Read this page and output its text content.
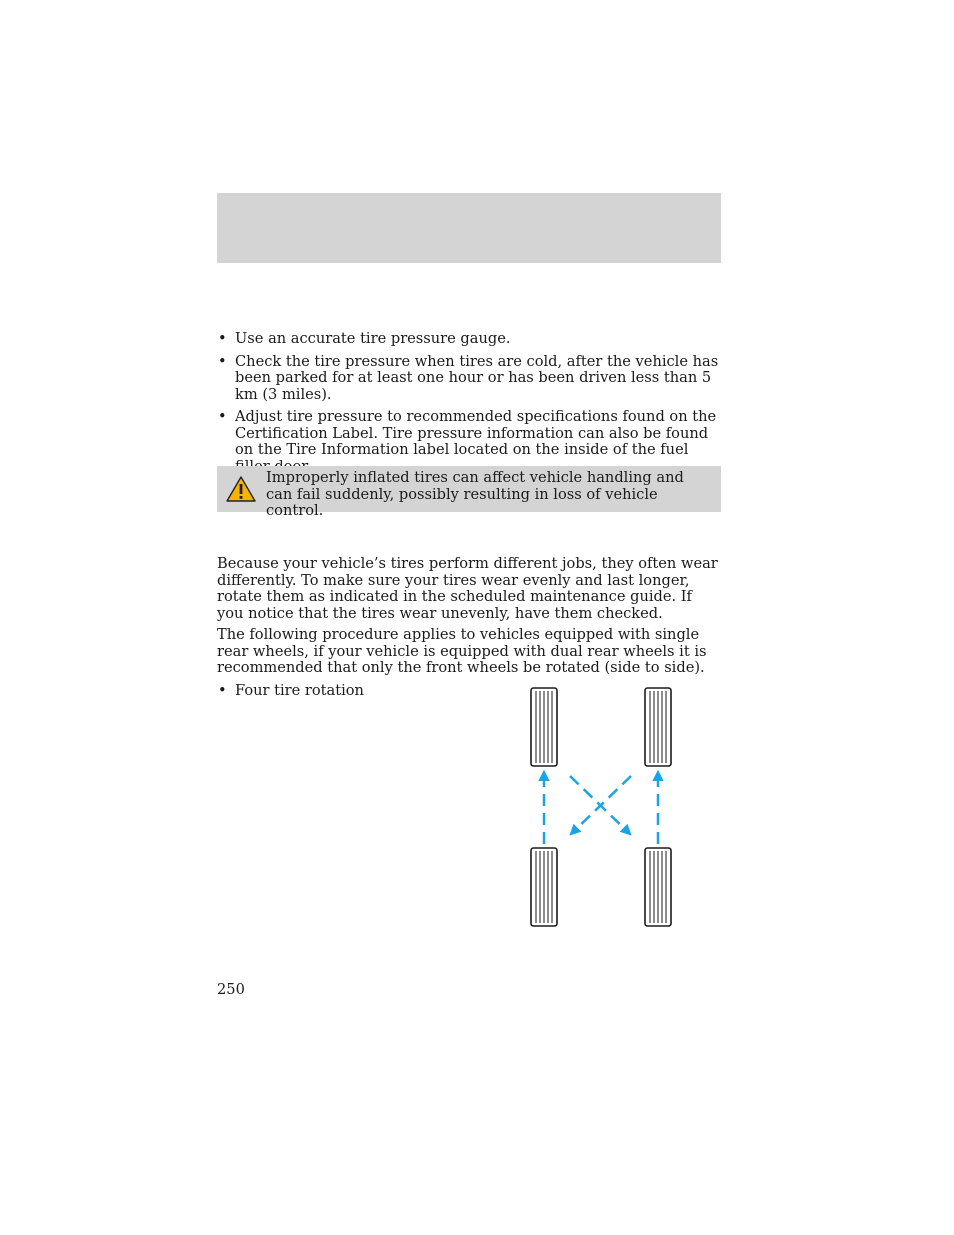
• Use an accurate tire pressure gauge.
• Check the tire pressure when tires are cold, after the vehicle has been parked for at least one hour or has been driven less than 5 km (3 miles).
• Adjust tire pressure to recommended specifications found on the Certification Label. Tire pressure information can also be found on the Tire Information label located on the inside of the fuel
Improperly inflated tires can affect vehicle handling and can fail suddenly, possibly resulting in loss of vehicle control.

Because your vehicle’s tires perform different jobs, they often wear differently. To make sure your tires wear evenly and last longer, rotate them as indicated in the scheduled maintenance guide. If you notice that the tires wear unevenly, have them checked.

The following procedure applies to vehicles equipped with single rear wheels, if your vehicle is equipped with dual rear wheels it is recommended that only the front wheels be rotated (side to side).

• Four tire rotation
250
